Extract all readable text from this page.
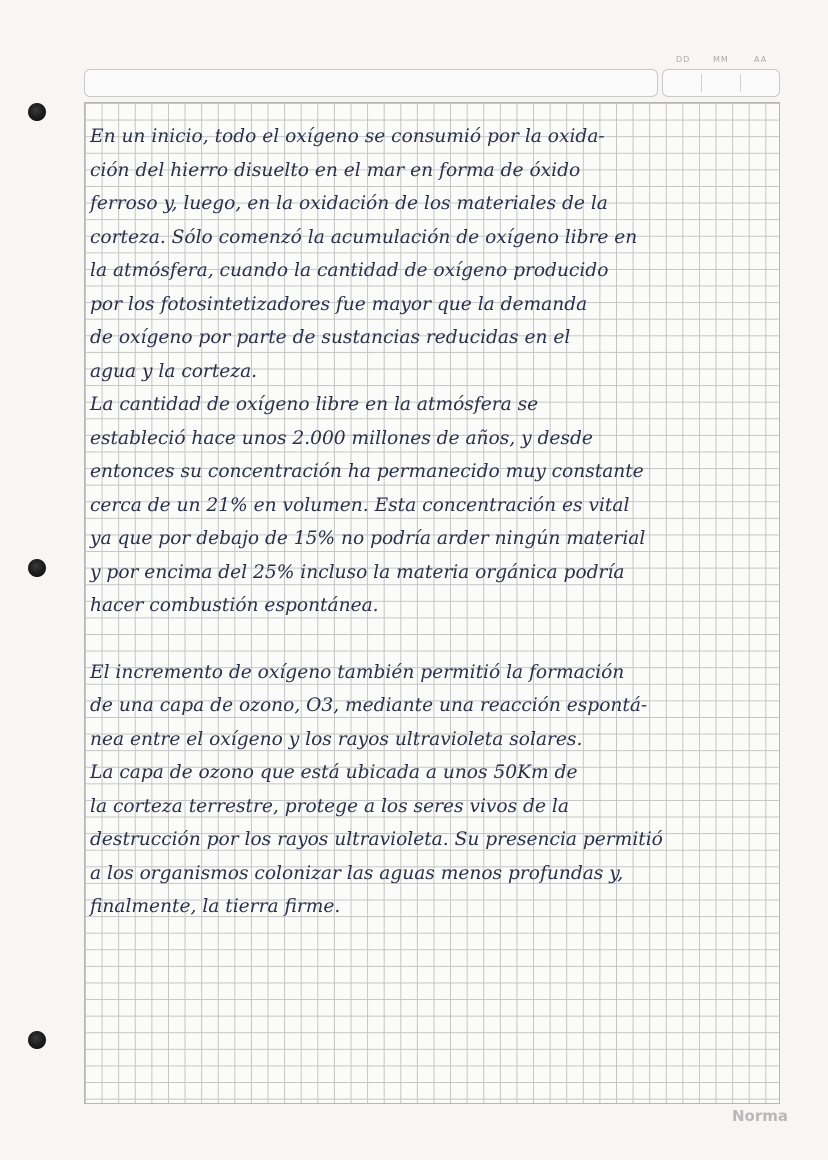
DD	MM	AA
En un inicio, todo el oxígeno se consumió por la oxida-
ción del hierro disuelto en el mar en forma de óxido
ferroso y, luego, en la oxidación de los materiales de la
corteza. Sólo comenzó la acumulación de oxígeno libre en
la atmósfera, cuando la cantidad de oxígeno producido
por los fotosintetizadores fue mayor que la demanda
de oxígeno por parte de sustancias reducidas en el
agua y la corteza.
La cantidad de oxígeno libre en la atmósfera se
estableció hace unos 2.000 millones de años, y desde
entonces su concentración ha permanecido muy constante
cerca de un 21% en volumen. Esta concentración es vital
ya que por debajo de 15% no podría arder ningún material
y por encima del 25% incluso la materia orgánica podría
hacer combustión espontánea.
El incremento de oxígeno también permitió la formación
de una capa de ozono, O3, mediante una reacción espontá-
nea entre el oxígeno y los rayos ultravioleta solares.
La capa de ozono que está ubicada a unos 50Km de
la corteza terrestre, protege a los seres vivos de la
destrucción por los rayos ultravioleta. Su presencia permitió
a los organismos colonizar las aguas menos profundas y,
finalmente, la tierra firme.
Norma
